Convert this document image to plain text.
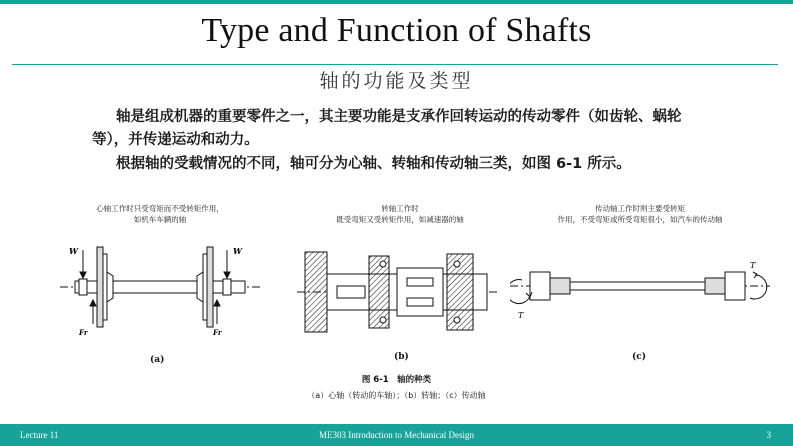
Type and Function of Shafts
轴的功能及类型

轴是组成机器的重要零件之一，其主要功能是支承作回转运动的传动零件（如齿轮、蜗轮等），并传递运动和动力。

根据轴的受载情况的不同，轴可分为心轴、转轴和传动轴三类，如图 6-1 所示。

心轴工作时只受弯矩而不受转矩作用，
如机车车辆的轴
转轴工作时
既受弯矩又受转矩作用，如减速器的轴
传动轴工作时则主要受转矩
作用，不受弯矩或所受弯矩很小，如汽车的传动轴
W	W
Fr	Fr
T
T
(a)	(b)	(c)
图 6-1　轴的种类
（a）心轴（转动的车轴）；（b）转轴；（c）传动轴
Lecture 11	ME303 Introduction to Mechanical Design	3
